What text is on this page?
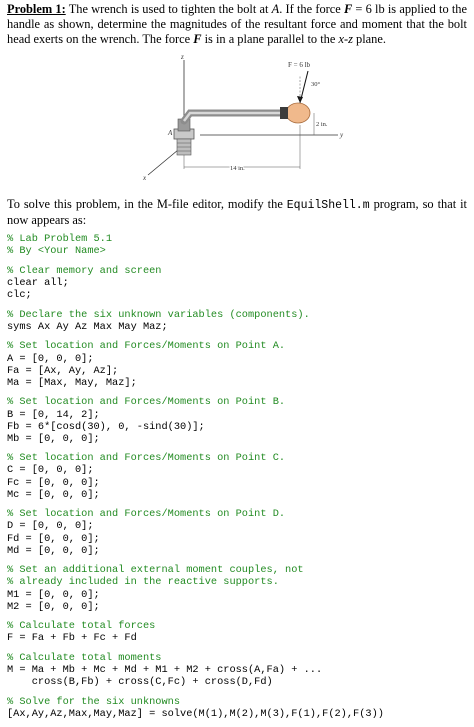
Problem 1: The wrench is used to tighten the bolt at A. If the force F = 6 lb is applied to the handle as shown, determine the magnitudes of the resultant force and moment that the bolt head exerts on the wrench. The force F is in a plane parallel to the x-z plane.
z
x
y
A
F = 6 lb
30°
2 in.
14 in.
To solve this problem, in the M-file editor, modify the EquilShell.m program, so that it now appears as:
% Lab Problem 5.1
% By <Your Name>
% Clear memory and screen
clear all;
clc;
% Declare the six unknown variables (components).
syms Ax Ay Az Max May Maz;
% Set location and Forces/Moments on Point A.
A = [0, 0, 0];
Fa = [Ax, Ay, Az];
Ma = [Max, May, Maz];
% Set location and Forces/Moments on Point B.
B = [0, 14, 2];
Fb = 6*[cosd(30), 0, -sind(30)];
Mb = [0, 0, 0];
% Set location and Forces/Moments on Point C.
C = [0, 0, 0];
Fc = [0, 0, 0];
Mc = [0, 0, 0];
% Set location and Forces/Moments on Point D.
D = [0, 0, 0];
Fd = [0, 0, 0];
Md = [0, 0, 0];
% Set an additional external moment couples, not
% already included in the reactive supports.
M1 = [0, 0, 0];
M2 = [0, 0, 0];
% Calculate total forces
F = Fa + Fb + Fc + Fd
% Calculate total moments
M = Ma + Mb + Mc + Md + M1 + M2 + cross(A,Fa) + ...
cross(B,Fb) + cross(C,Fc) + cross(D,Fd)
% Solve for the six unknowns
[Ax,Ay,Az,Max,May,Maz] = solve(M(1),M(2),M(3),F(1),F(2),F(3))
